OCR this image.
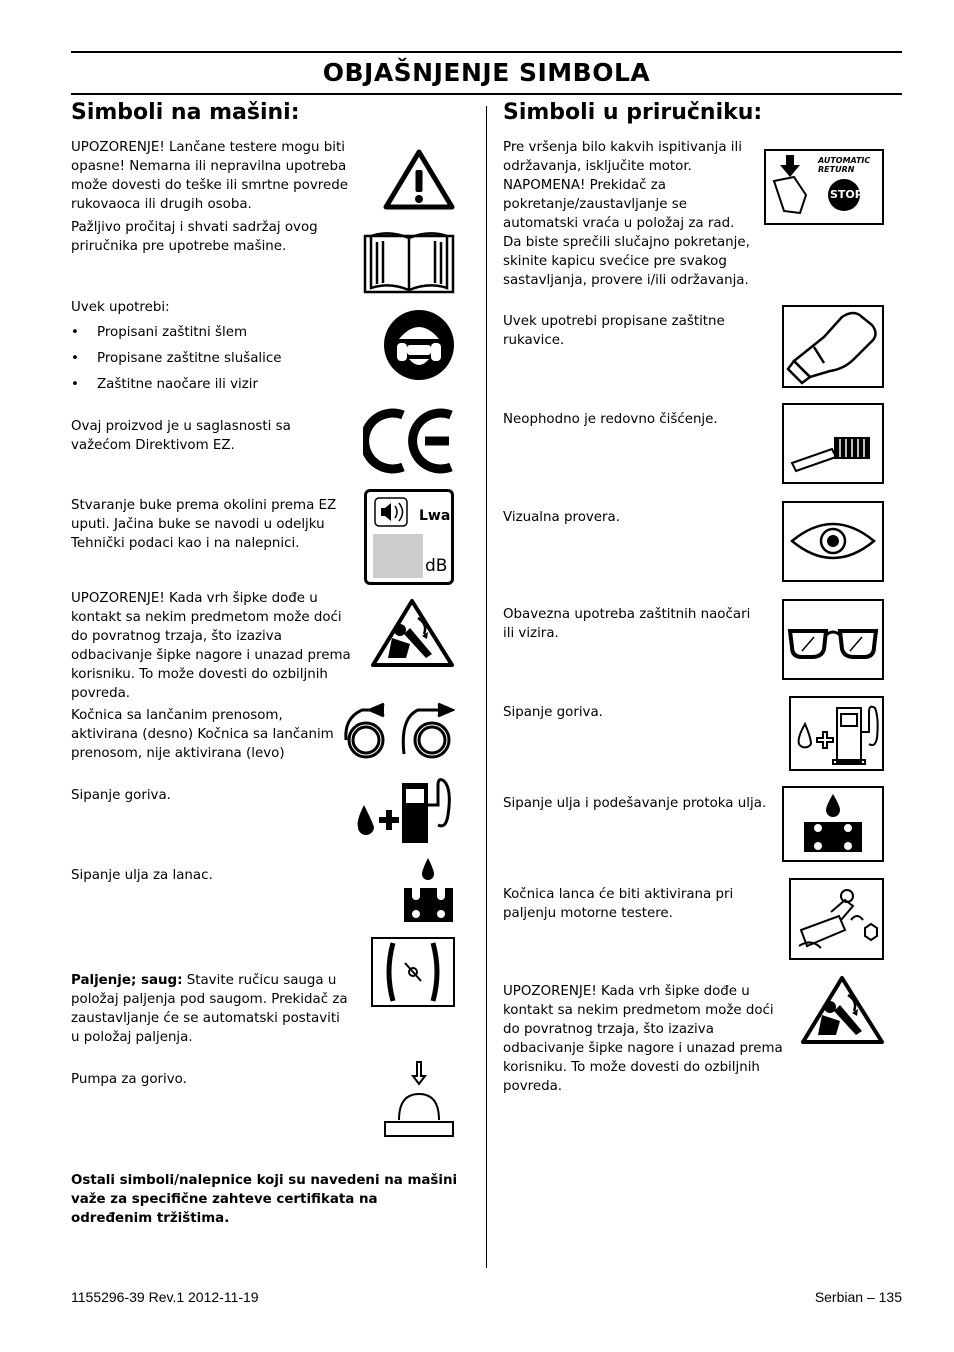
OBJAŠNJENJE SIMBOLA
Simboli na mašini:
UPOZORENJE! Lančane testere mogu biti opasne! Nemarna ili nepravilna upotreba može dovesti do teške ili smrtne povrede rukovaoca ili drugih osoba.
Pažljivo pročitaj i shvati sadržaj ovog priručnika pre upotrebe mašine.
Uvek upotrebi:
• Propisani zaštitni šlem
• Propisane zaštitne slušalice
• Zaštitne naočare ili vizir
Ovaj proizvod je u saglasnosti sa važećom Direktivom EZ.
Stvaranje buke prema okolini prema EZ uputi. Jačina buke se navodi u odeljku Tehnički podaci kao i na nalepnici.
Lwa
dB
UPOZORENJE! Kada vrh šipke dođe u kontakt sa nekim predmetom može doći do povratnog trzaja, što izaziva odbacivanje šipke nagore i unazad prema korisniku. To može dovesti do ozbiljnih povreda.
Kočnica sa lančanim prenosom, aktivirana (desno) Kočnica sa lančanim prenosom, nije aktivirana (levo)
Sipanje goriva.
Sipanje ulja za lanac.
Paljenje; saug: Stavite ručicu sauga u položaj paljenja pod saugom. Prekidač za zaustavljanje će se automatski postaviti u položaj paljenja.
Pumpa za gorivo.
Ostali simboli/nalepnice koji su navedeni na mašini važe za specifične zahteve certifikata na određenim tržištima.
Simboli u priručniku:
Pre vršenja bilo kakvih ispitivanja ili održavanja, isključite motor. NAPOMENA! Prekidač za pokretanje/zaustavljanje se automatski vraća u položaj za rad. Da biste sprečili slučajno pokretanje, skinite kapicu svećice pre svakog sastavljanja, provere i/ili održavanja.
AUTOMATIC
RETURN
STOP
Uvek upotrebi propisane zaštitne rukavice.
Neophodno je redovno čišćenje.
Vizualna provera.
Obavezna upotreba zaštitnih naočari ili vizira.
Sipanje goriva.
Sipanje ulja i podešavanje protoka ulja.
Kočnica lanca će biti aktivirana pri paljenju motorne testere.
UPOZORENJE! Kada vrh šipke dođe u kontakt sa nekim predmetom može doći do povratnog trzaja, što izaziva odbacivanje šipke nagore i unazad prema korisniku. To može dovesti do ozbiljnih povreda.
1155296-39 Rev.1 2012-11-19	Serbian – 135
